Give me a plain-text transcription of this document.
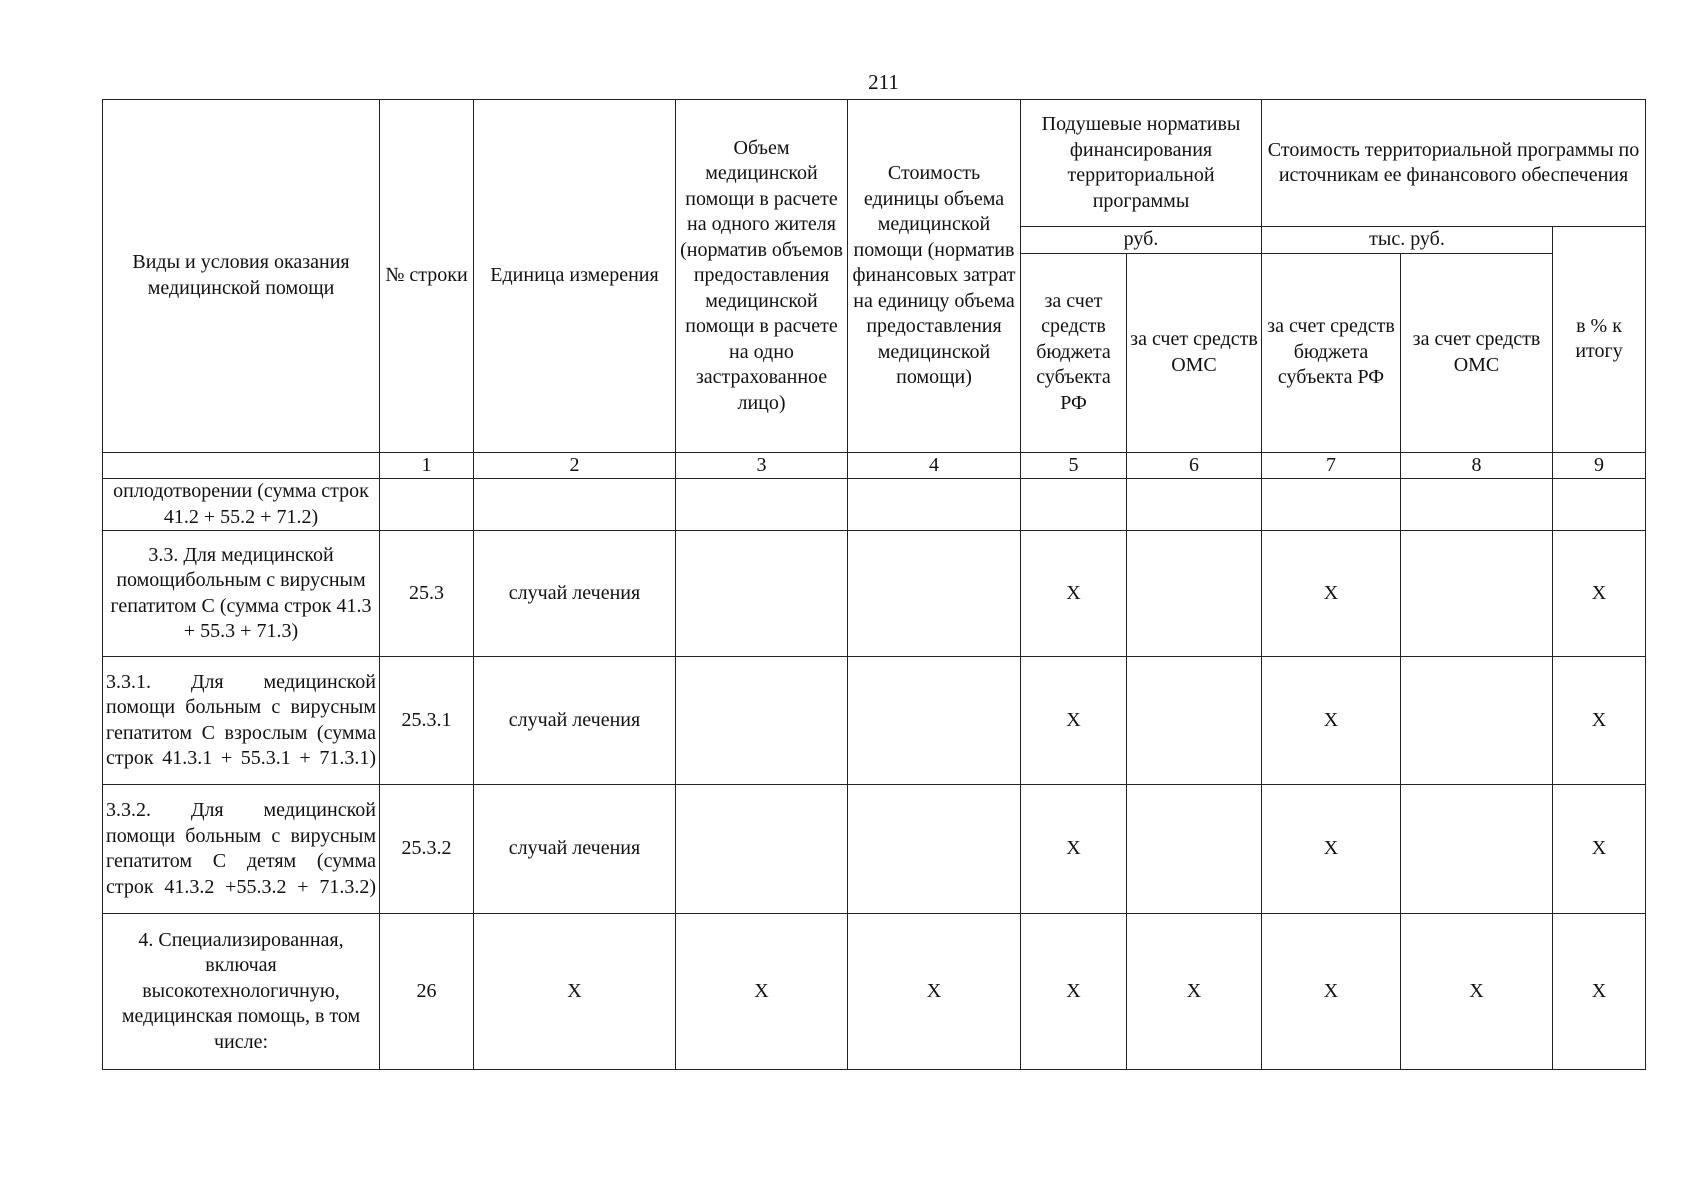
211
Виды и условия оказания медицинской помощи	№ строки	Единица измерения	Объем медицинской помощи в расчете на одного жителя (норматив объемов предоставления медицинской помощи в расчете на одно застрахованное лицо)	Стоимость единицы объема медицинской помощи (норматив финансовых затрат на единицу объема предоставления медицинской помощи)	Подушевые нормативы финансирования территориальной программы		Стоимость территориальной программы по источникам ее финансового обеспечения		
					руб.		тыс. руб.		в % к итогу
					за счет средств бюджета субъекта РФ	за счет средств ОМС	за счет средств бюджета субъекта РФ	за счет средств ОМС	
	1	2	3	4	5	6	7	8	9
оплодотворении (сумма строк 41.2 + 55.2 + 71.2)									
3.3. Для медицинской помощибольным с вирусным гепатитом С (сумма строк 41.3 + 55.3 + 71.3)	25.3	случай лечения			Х		Х		Х
3.3.1. Для медицинской помощи больным с вирусным гепатитом С взрослым (сумма строк 41.3.1 + 55.3.1 + 71.3.1)	25.3.1	случай лечения			Х		Х		Х
3.3.2. Для медицинской помощи больным с вирусным гепатитом С детям (сумма строк 41.3.2 +55.3.2 + 71.3.2)	25.3.2	случай лечения			Х		Х		Х
4. Специализированная, включая высокотехнологичную, медицинская помощь, в том числе:	26	Х	Х	Х	Х	Х	Х	Х	Х
